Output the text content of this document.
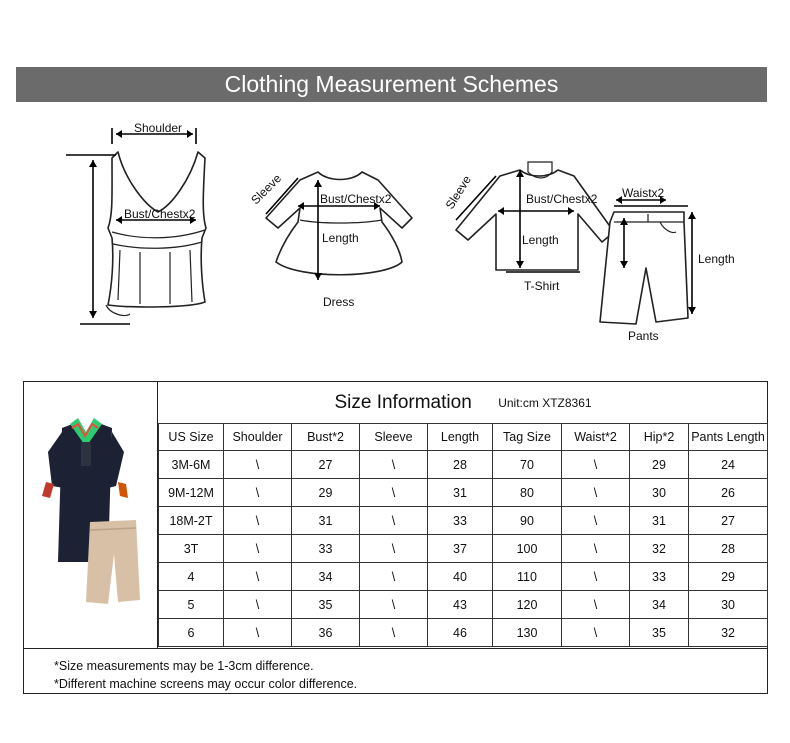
Clothing Measurement Schemes
Shoulder
Bust/Chestx2
Bust/Chestx2
Length
Sleeve
Dress
Bust/Chestx2
Length
Sleeve
T-Shirt
Waistx2
Length
Pants
Size Information Unit:cm XTZ8361								
US Size	Shoulder	Bust*2	Sleeve	Length	Tag Size	Waist*2	Hip*2	Pants Length
3M-6M	\	27	\	28	70	\	29	24
9M-12M	\	29	\	31	80	\	30	26
18M-2T	\	31	\	33	90	\	31	27
3T	\	33	\	37	100	\	32	28
4	\	34	\	40	110	\	33	29
5	\	35	\	43	120	\	34	30
6	\	36	\	46	130	\	35	32
*Size measurements may be 1-3cm difference.
*Different machine screens may occur color difference.
